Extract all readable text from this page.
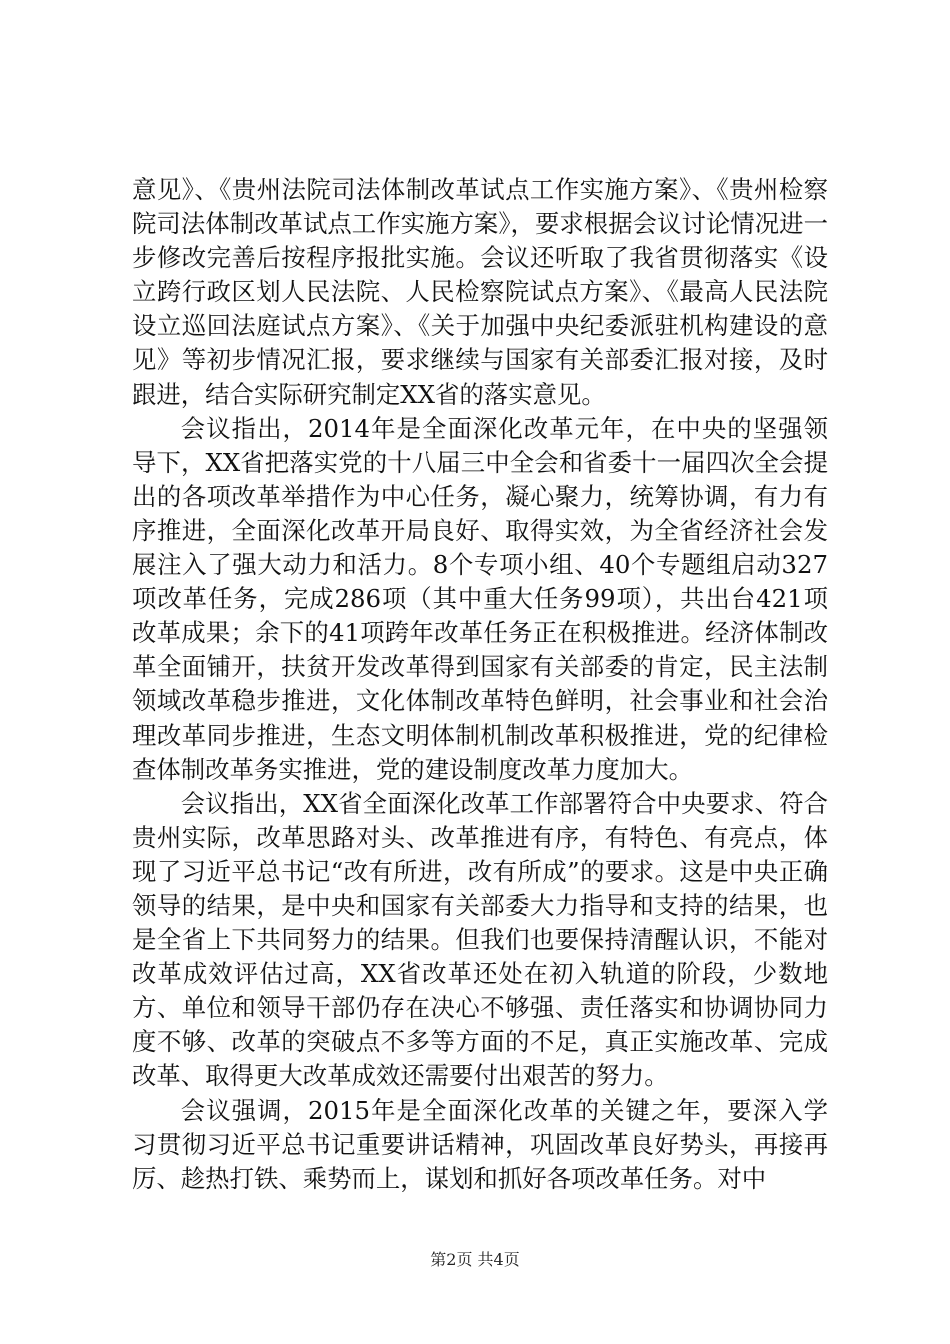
意见》、《贵州法院司法体制改革试点工作实施方案》、《贵州检察院司法体制改革试点工作实施方案》，要求根据会议讨论情况进一步修改完善后按程序报批实施。会议还听取了我省贯彻落实《设立跨行政区划人民法院、人民检察院试点方案》、《最高人民法院设立巡回法庭试点方案》、《关于加强中央纪委派驻机构建设的意见》等初步情况汇报，要求继续与国家有关部委汇报对接，及时跟进，结合实际研究制定XX省的落实意见。

会议指出，2014年是全面深化改革元年，在中央的坚强领导下，XX省把落实党的十八届三中全会和省委十一届四次全会提出的各项改革举措作为中心任务，凝心聚力，统筹协调，有力有序推进，全面深化改革开局良好、取得实效，为全省经济社会发展注入了强大动力和活力。8个专项小组、40个专题组启动327项改革任务，完成286项（其中重大任务99项），共出台421项改革成果；余下的41项跨年改革任务正在积极推进。经济体制改革全面铺开，扶贫开发改革得到国家有关部委的肯定，民主法制领域改革稳步推进，文化体制改革特色鲜明，社会事业和社会治理改革同步推进，生态文明体制机制改革积极推进，党的纪律检查体制改革务实推进，党的建设制度改革力度加大。

会议指出，XX省全面深化改革工作部署符合中央要求、符合贵州实际，改革思路对头、改革推进有序，有特色、有亮点，体现了习近平总书记“改有所进，改有所成”的要求。这是中央正确领导的结果，是中央和国家有关部委大力指导和支持的结果，也是全省上下共同努力的结果。但我们也要保持清醒认识，不能对改革成效评估过高，XX省改革还处在初入轨道的阶段，少数地方、单位和领导干部仍存在决心不够强、责任落实和协调协同力度不够、改革的突破点不多等方面的不足，真正实施改革、完成改革、取得更大改革成效还需要付出艰苦的努力。

会议强调，2015年是全面深化改革的关键之年，要深入学习贯彻习近平总书记重要讲话精神，巩固改革良好势头，再接再厉、趁热打铁、乘势而上，谋划和抓好各项改革任务。对中

第2页 共4页
